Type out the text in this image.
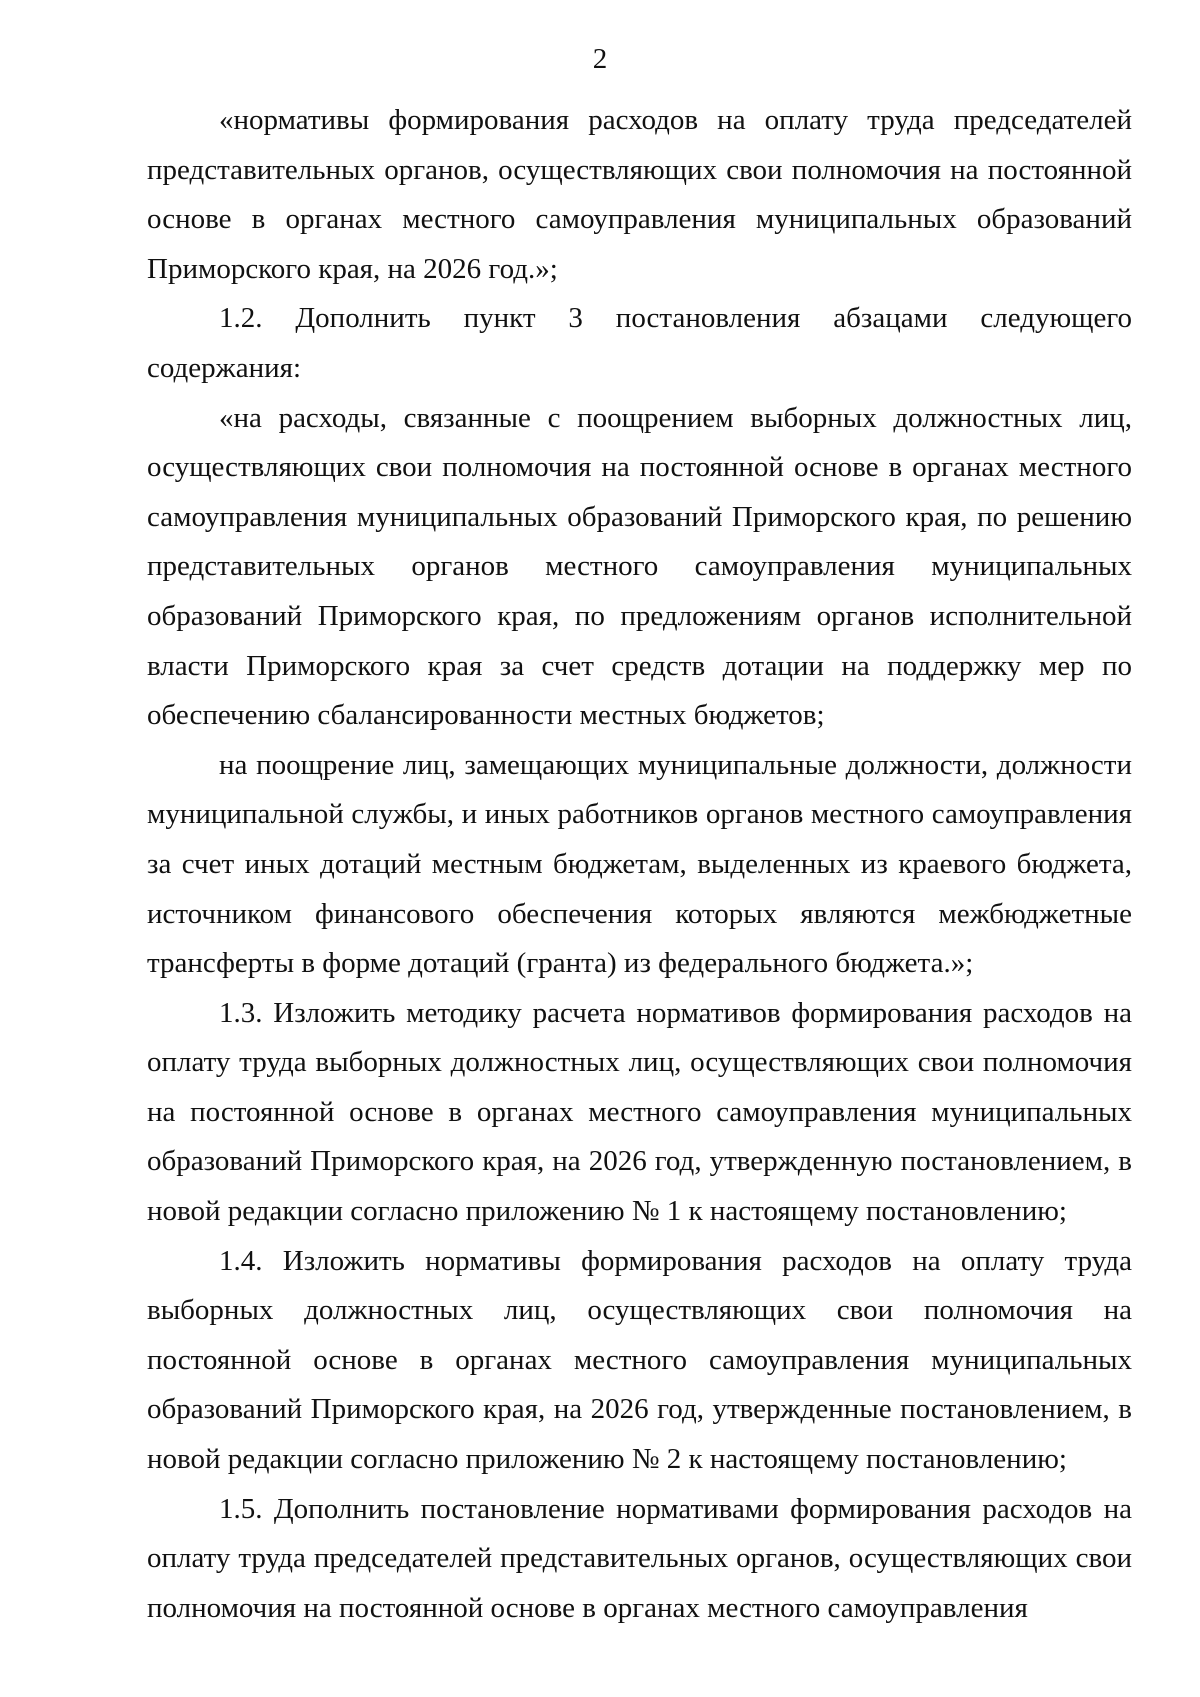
2

«нормативы формирования расходов на оплату труда председателей представительных органов, осуществляющих свои полномочия на постоянной основе в органах местного самоуправления муниципальных образований Приморского края, на 2026 год.»;

1.2. Дополнить пункт 3 постановления абзацами следующего содержания:

«на расходы, связанные с поощрением выборных должностных лиц, осуществляющих свои полномочия на постоянной основе в органах местного самоуправления муниципальных образований Приморского края, по решению представительных органов местного самоуправления муниципальных образований Приморского края, по предложениям органов исполнительной власти Приморского края за счет средств дотации на поддержку мер по обеспечению сбалансированности местных бюджетов;

на поощрение лиц, замещающих муниципальные должности, должности муниципальной службы, и иных работников органов местного самоуправления за счет иных дотаций местным бюджетам, выделенных из краевого бюджета, источником финансового обеспечения которых являются межбюджетные трансферты в форме дотаций (гранта) из федерального бюджета.»;

1.3. Изложить методику расчета нормативов формирования расходов на оплату труда выборных должностных лиц, осуществляющих свои полномочия на постоянной основе в органах местного самоуправления муниципальных образований Приморского края, на 2026 год, утвержденную постановлением, в новой редакции согласно приложению № 1 к настоящему постановлению;

1.4. Изложить нормативы формирования расходов на оплату труда выборных должностных лиц, осуществляющих свои полномочия на постоянной основе в органах местного самоуправления муниципальных образований Приморского края, на 2026 год, утвержденные постановлением, в новой редакции согласно приложению № 2 к настоящему постановлению;

1.5. Дополнить постановление нормативами формирования расходов на оплату труда председателей представительных органов, осуществляющих свои полномочия на постоянной основе в органах местного самоуправления
